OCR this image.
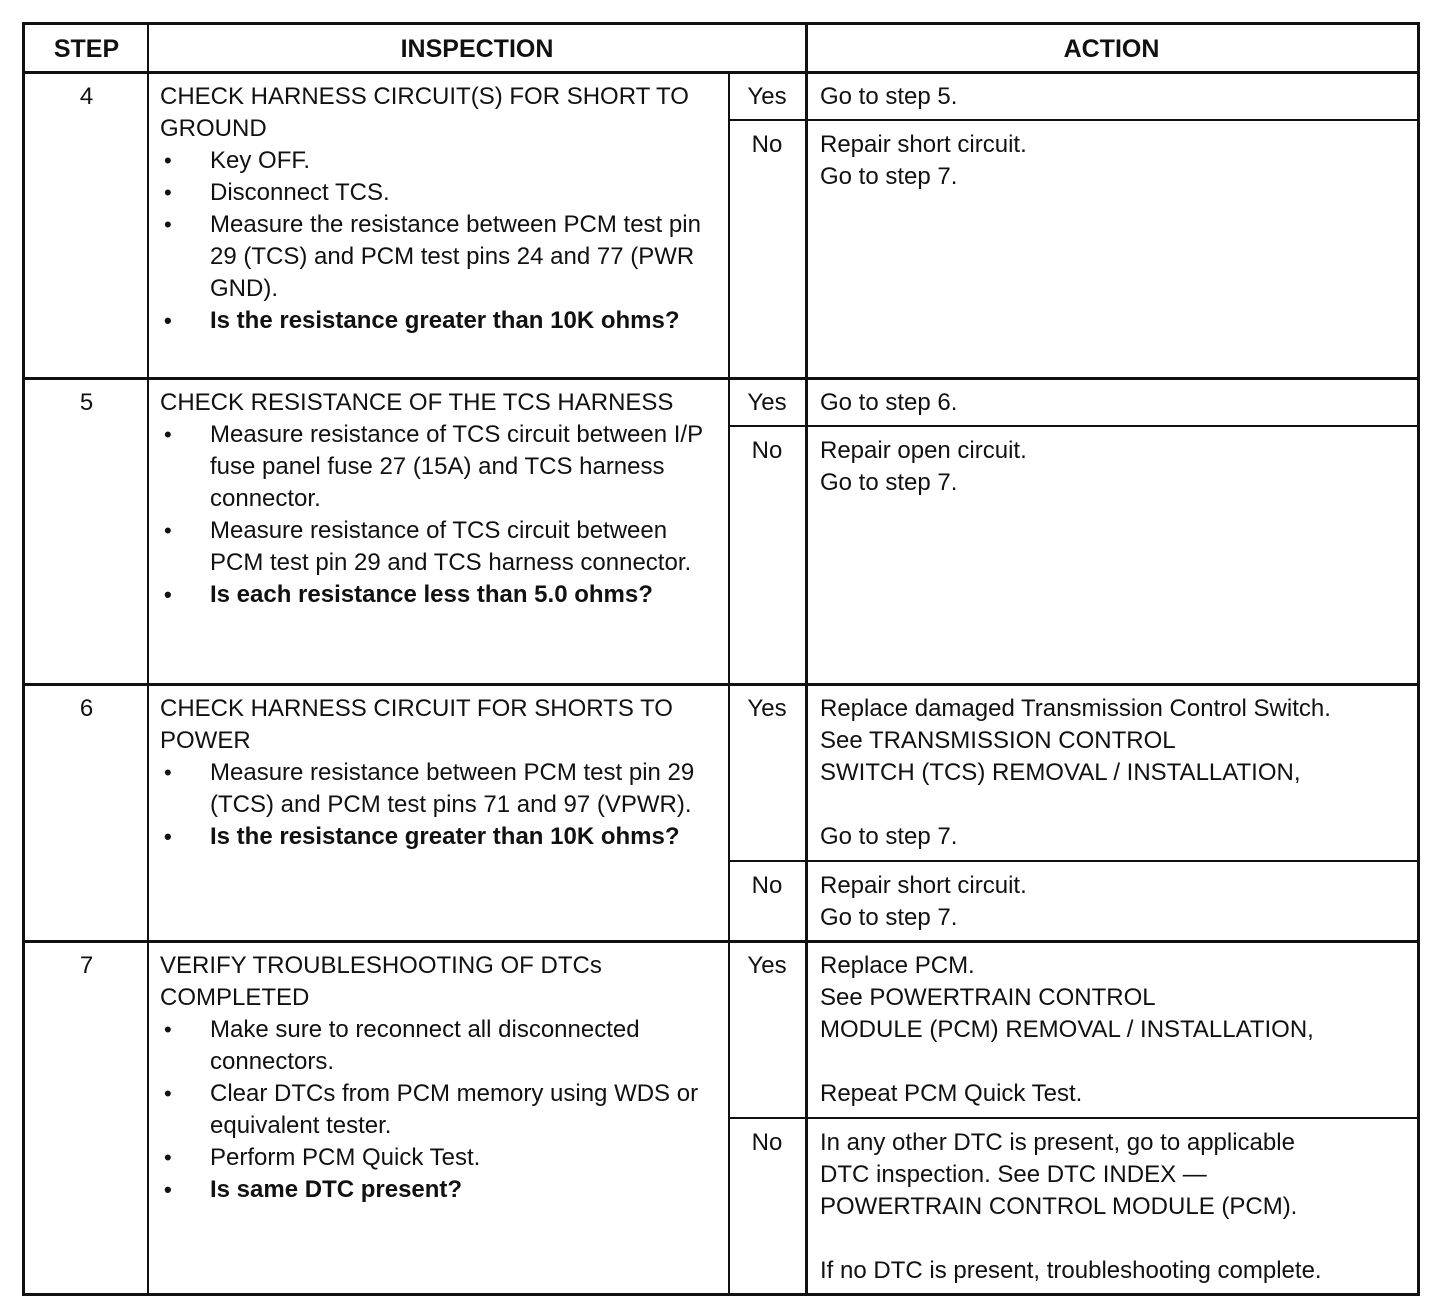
STEP	INSPECTION	ACTION
4	CHECK HARNESS CIRCUIT(S) FOR SHORT TO GROUND
• Key OFF.
• Disconnect TCS.
• Measure the resistance between PCM test pin 29 (TCS) and PCM test pins 24 and 77 (PWR GND).
• Is the resistance greater than 10K ohms?
Yes	Go to step 5.
No	Repair short circuit.
Go to step 7.
5	CHECK RESISTANCE OF THE TCS HARNESS
• Measure resistance of TCS circuit between I/P fuse panel fuse 27 (15A) and TCS harness connector.
• Measure resistance of TCS circuit between PCM test pin 29 and TCS harness connector.
• Is each resistance less than 5.0 ohms?
Yes	Go to step 6.
No	Repair open circuit.
Go to step 7.
6	CHECK HARNESS CIRCUIT FOR SHORTS TO POWER
• Measure resistance between PCM test pin 29 (TCS) and PCM test pins 71 and 97 (VPWR).
• Is the resistance greater than 10K ohms?
Yes	Replace damaged Transmission Control Switch.
See TRANSMISSION CONTROL
SWITCH (TCS) REMOVAL / INSTALLATION,

Go to step 7.
No	Repair short circuit.
Go to step 7.
7	VERIFY TROUBLESHOOTING OF DTCs COMPLETED
• Make sure to reconnect all disconnected connectors.
• Clear DTCs from PCM memory using WDS or equivalent tester.
• Perform PCM Quick Test.
• Is same DTC present?
Yes	Replace PCM.
See POWERTRAIN CONTROL
MODULE (PCM) REMOVAL / INSTALLATION,

Repeat PCM Quick Test.
No	In any other DTC is present, go to applicable
DTC inspection. See DTC INDEX —
POWERTRAIN CONTROL MODULE (PCM).

If no DTC is present, troubleshooting complete.
